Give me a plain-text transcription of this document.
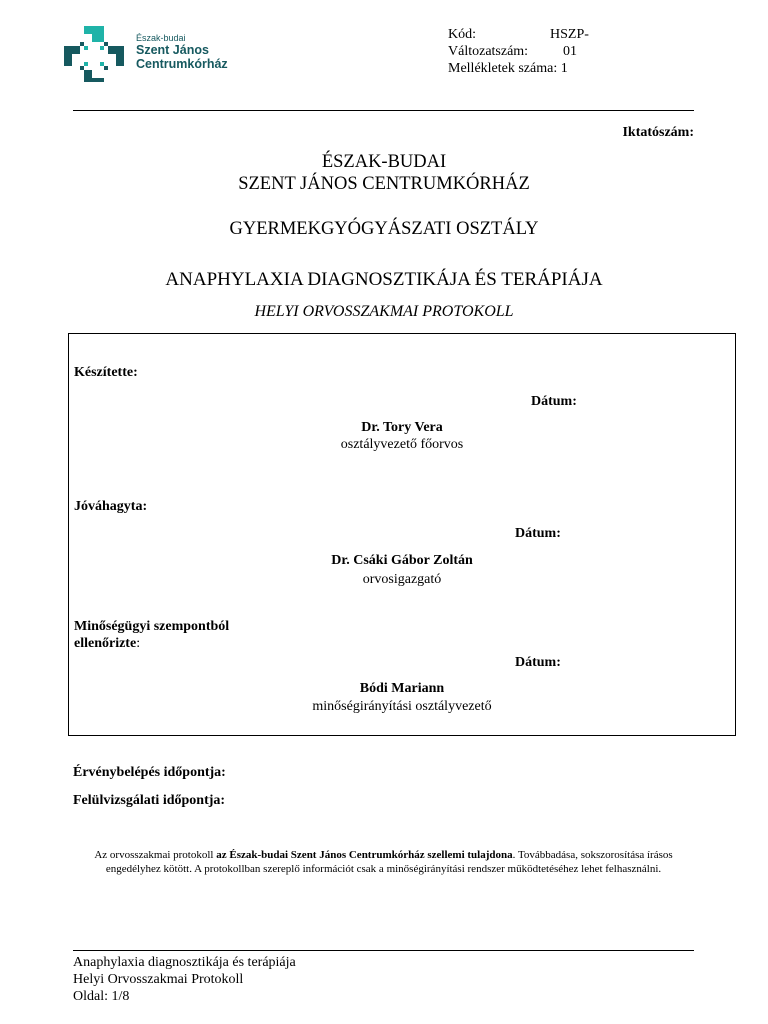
Észak-budai
Szent János
Centrumkórház
Kód:	HSZP-
Változatszám: 01
Mellékletek száma: 1
Iktatószám:
ÉSZAK-BUDAI
SZENT JÁNOS CENTRUMKÓRHÁZ
GYERMEKGYÓGYÁSZATI OSZTÁLY
ANAPHYLAXIA DIAGNOSZTIKÁJA ÉS TERÁPIÁJA
HELYI ORVOSSZAKMAI PROTOKOLL
Készítette:
Dátum:
Dr. Tory Vera
osztályvezető főorvos
Jóváhagyta:
Dátum:
Dr. Csáki Gábor Zoltán
orvosigazgató
Minőségügyi szempontból
ellenőrizte:
Dátum:
Bódi Mariann
minőségirányítási osztályvezető
Érvénybelépés időpontja:
Felülvizsgálati időpontja:
Az orvosszakmai protokoll az Észak-budai Szent János Centrumkórház szellemi tulajdona. Továbbadása, sokszorosítása írásos engedélyhez kötött. A protokollban szereplő információt csak a minőségirányítási rendszer működtetéséhez lehet felhasználni.
Anaphylaxia diagnosztikája és terápiája
Helyi Orvosszakmai Protokoll
Oldal: 1/8
